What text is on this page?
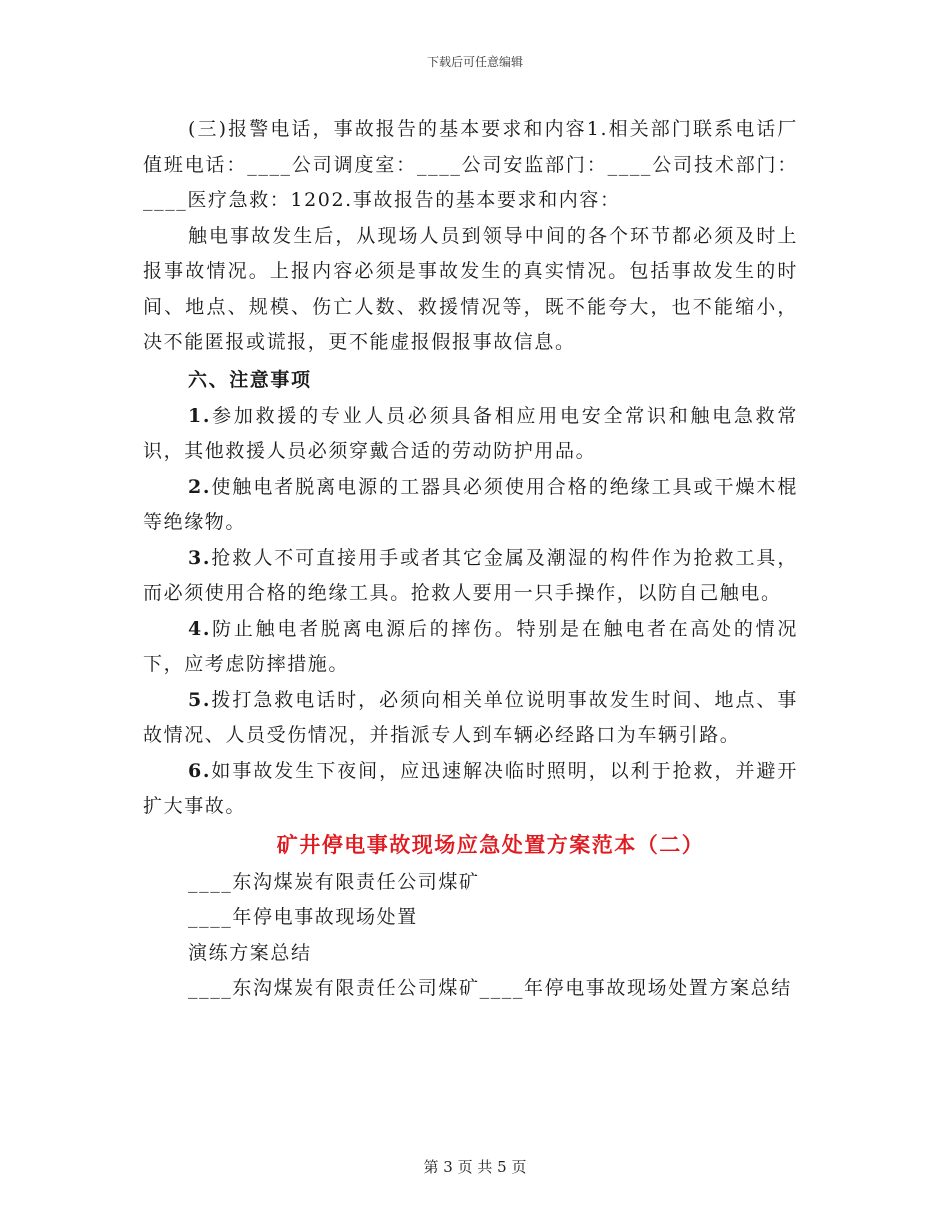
下载后可任意编辑

(三)报警电话，事故报告的基本要求和内容1.相关部门联系电话厂值班电话：____公司调度室：____公司安监部门：____公司技术部门：____医疗急救：1202.事故报告的基本要求和内容：

触电事故发生后，从现场人员到领导中间的各个环节都必须及时上报事故情况。上报内容必须是事故发生的真实情况。包括事故发生的时间、地点、规模、伤亡人数、救援情况等，既不能夸大，也不能缩小，决不能匿报或谎报，更不能虚报假报事故信息。

六、注意事项

1.参加救援的专业人员必须具备相应用电安全常识和触电急救常识，其他救援人员必须穿戴合适的劳动防护用品。

2.使触电者脱离电源的工器具必须使用合格的绝缘工具或干燥木棍等绝缘物。

3.抢救人不可直接用手或者其它金属及潮湿的构件作为抢救工具，而必须使用合格的绝缘工具。抢救人要用一只手操作，以防自己触电。

4.防止触电者脱离电源后的摔伤。特别是在触电者在高处的情况下，应考虑防摔措施。

5.拨打急救电话时，必须向相关单位说明事故发生时间、地点、事故情况、人员受伤情况，并指派专人到车辆必经路口为车辆引路。

6.如事故发生下夜间，应迅速解决临时照明，以利于抢救，并避开扩大事故。

矿井停电事故现场应急处置方案范本（二）

____东沟煤炭有限责任公司煤矿

____年停电事故现场处置

演练方案总结

____东沟煤炭有限责任公司煤矿____年停电事故现场处置方案总结

第 3 页 共 5 页
